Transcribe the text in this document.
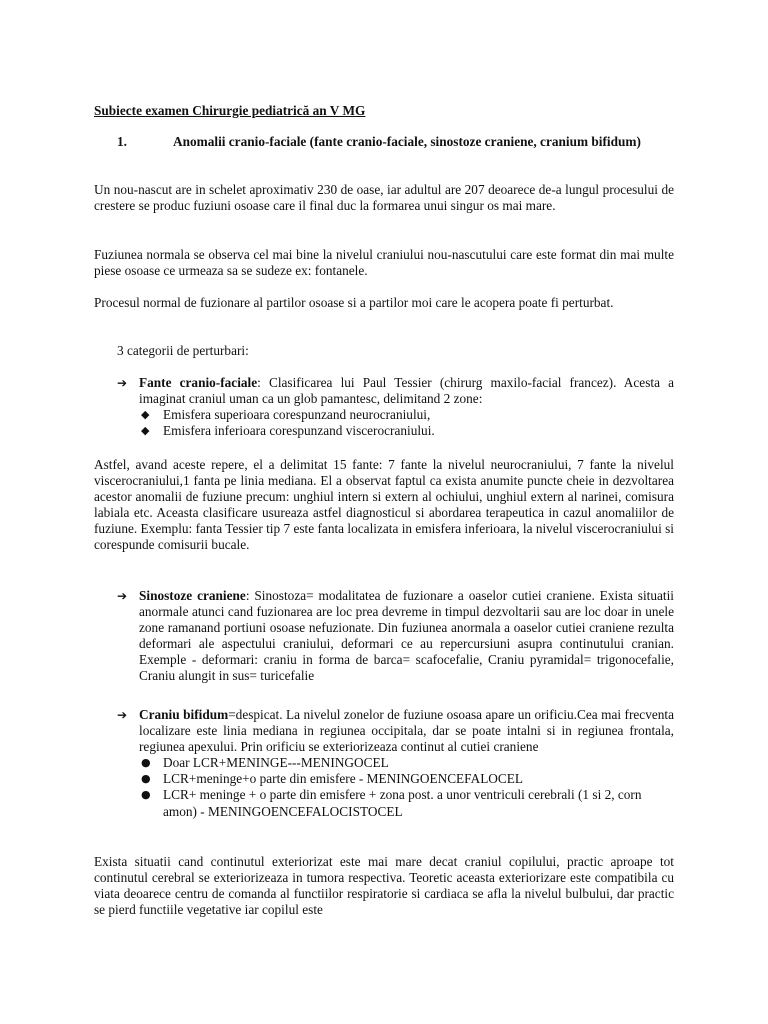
Subiecte examen Chirurgie pediatrică an V MG
1.	Anomalii cranio-faciale (fante cranio-faciale, sinostoze craniene, cranium bifidum)

Un nou-nascut are in schelet aproximativ 230 de oase, iar adultul are 207 deoarece de-a lungul procesului de crestere se produc fuziuni osoase care il final duc la formarea unui singur os mai mare.

Fuziunea normala se observa cel mai bine la nivelul craniului nou-nascutului care este format din mai multe piese osoase ce urmeaza sa se sudeze ex: fontanele.

Procesul normal de fuzionare al partilor osoase si a partilor moi care le acopera poate fi perturbat.

3 categorii de perturbari:

➔ Fante cranio-faciale: Clasificarea lui Paul Tessier (chirurg maxilo-facial francez). Acesta a imaginat craniul uman ca un glob pamantesc, delimitand 2 zone:
◆ Emisfera superioara corespunzand neurocraniului,
◆ Emisfera inferioara corespunzand viscerocraniului.

Astfel, avand aceste repere, el a delimitat 15 fante: 7 fante la nivelul neurocraniului, 7 fante la nivelul viscerocraniului,1 fanta pe linia mediana. El a observat faptul ca exista anumite puncte cheie in dezvoltarea acestor anomalii de fuziune precum: unghiul intern si extern al ochiului, unghiul extern al narinei, comisura labiala etc. Aceasta clasificare usureaza astfel diagnosticul si abordarea terapeutica in cazul anomaliilor de fuziune. Exemplu: fanta Tessier tip 7 este fanta localizata in emisfera inferioara, la nivelul viscerocraniului si corespunde comisurii bucale.

➔ Sinostoze craniene: Sinostoza= modalitatea de fuzionare a oaselor cutiei craniene. Exista situatii anormale atunci cand fuzionarea are loc prea devreme in timpul dezvoltarii sau are loc doar in unele zone ramanand portiuni osoase nefuzionate. Din fuziunea anormala a oaselor cutiei craniene rezulta deformari ale aspectului craniului, deformari ce au repercursiuni asupra continutului cranian. Exemple - deformari: craniu in forma de barca= scafocefalie, Craniu pyramidal= trigonocefalie, Craniu alungit in sus= turicefalie
➔ Craniu bifidum=despicat. La nivelul zonelor de fuziune osoasa apare un orificiu.Cea mai frecventa localizare este linia mediana in regiunea occipitala, dar se poate intalni si in regiunea frontala, regiunea apexului. Prin orificiu se exteriorizeaza continut al cutiei craniene
● Doar LCR+MENINGE---MENINGOCEL
● LCR+meninge+o parte din emisfere - MENINGOENCEFALOCEL
● LCR+ meninge + o parte din emisfere + zona post. a unor ventriculi cerebrali (1 si 2, corn amon) - MENINGOENCEFALOCISTOCEL

Exista situatii cand continutul exteriorizat este mai mare decat craniul copilului, practic aproape tot continutul cerebral se exteriorizeaza in tumora respectiva. Teoretic aceasta exteriorizare este compatibila cu viata deoarece centru de comanda al functiilor respiratorie si cardiaca se afla la nivelul bulbului, dar practic se pierd functiile vegetative iar copilul este
